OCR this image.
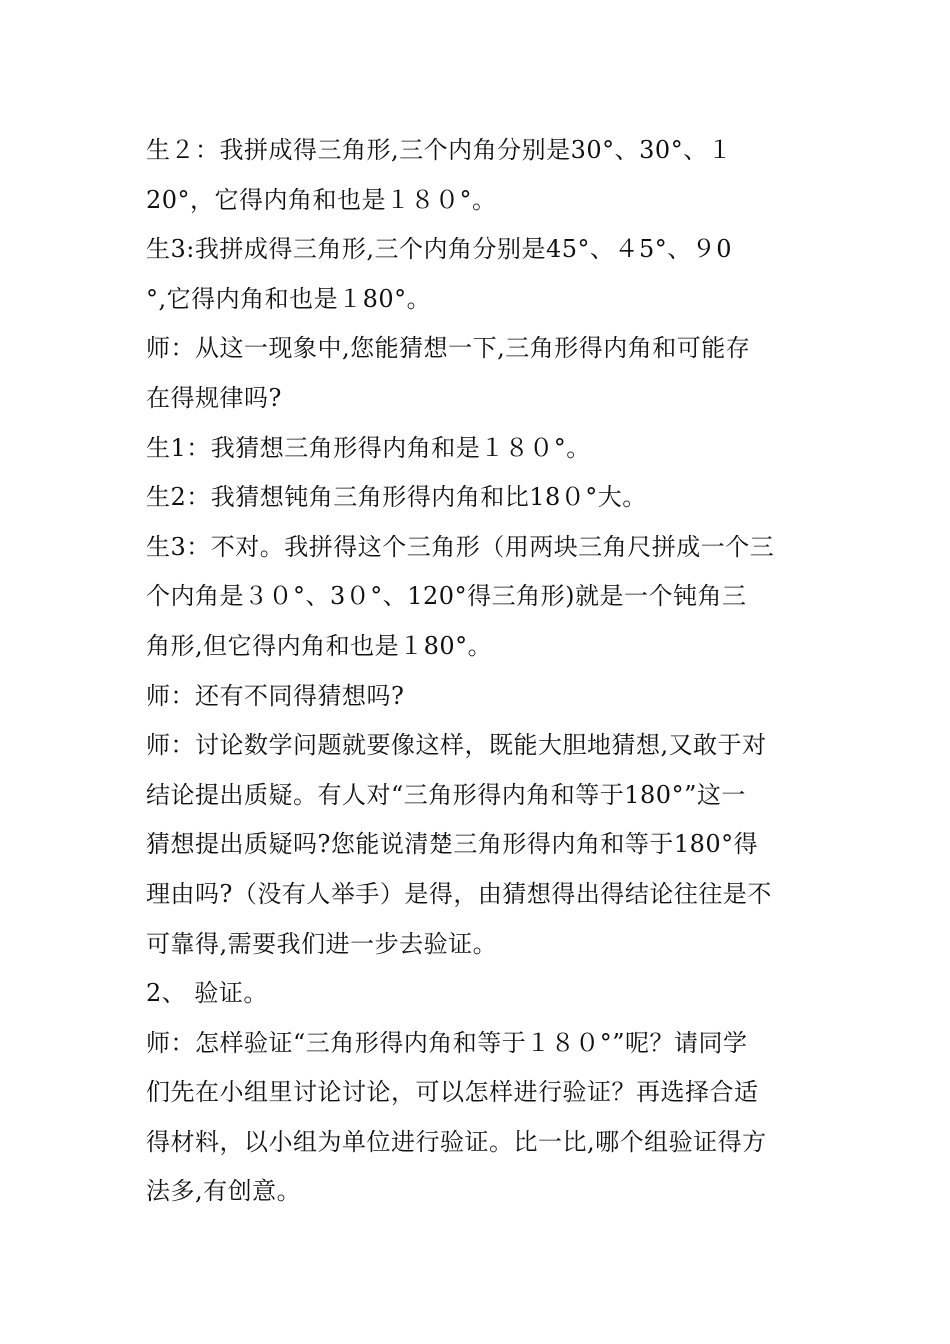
生２：我拼成得三角形,三个内角分别是30°、30°、１
20°，它得内角和也是１８０°。
生3:我拼成得三角形,三个内角分别是45°、４5°、９0
°,它得内角和也是１80°。
师：从这一现象中,您能猜想一下,三角形得内角和可能存
在得规律吗?
生1：我猜想三角形得内角和是１８０°。
生2：我猜想钝角三角形得内角和比18０°大。
生3：不对。我拼得这个三角形（用两块三角尺拼成一个三
个内角是３０°、3０°、120°得三角形)就是一个钝角三
角形,但它得内角和也是１80°。
师：还有不同得猜想吗?
师：讨论数学问题就要像这样，既能大胆地猜想,又敢于对
结论提出质疑。有人对“三角形得内角和等于180°”这一
猜想提出质疑吗?您能说清楚三角形得内角和等于180°得
理由吗?（没有人举手）是得，由猜想得出得结论往往是不
可靠得,需要我们进一步去验证。
2、 验证。
师：怎样验证“三角形得内角和等于１８０°”呢？请同学
们先在小组里讨论讨论，可以怎样进行验证？再选择合适
得材料，以小组为单位进行验证。比一比,哪个组验证得方
法多,有创意。
